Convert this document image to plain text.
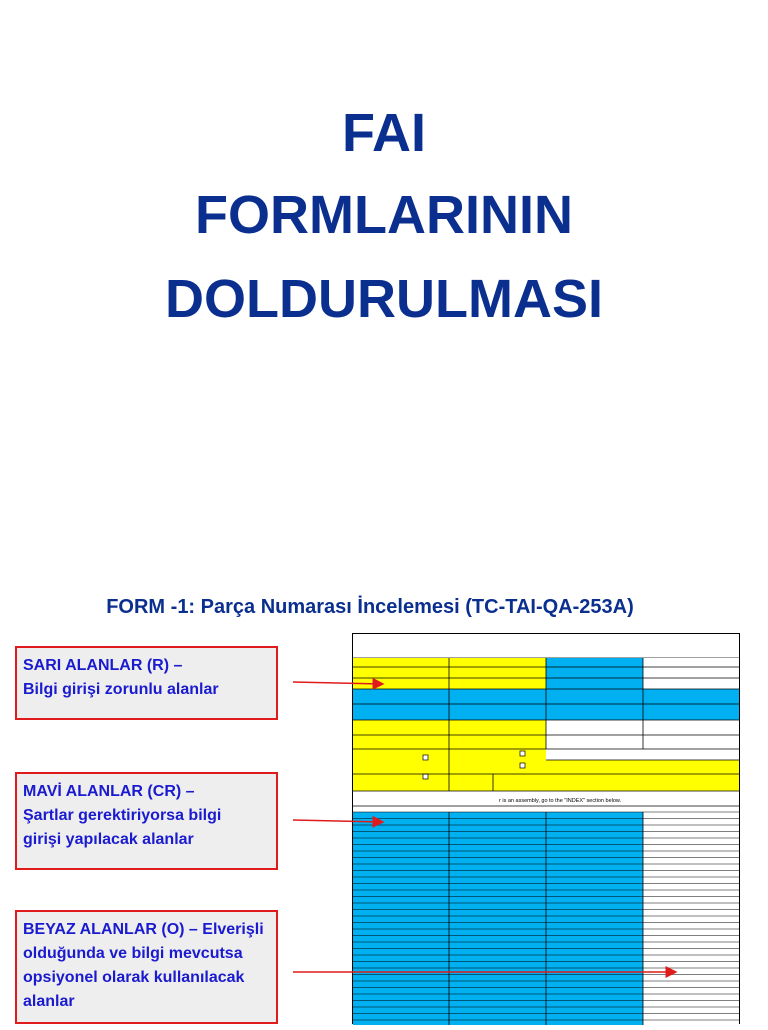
FAI
FORMLARININ
DOLDURULMASI
FORM -1: Parça Numarası İncelemesi (TC-TAI-QA-253A)
SARI ALANLAR (R) –
Bilgi girişi zorunlu alanlar
MAVİ ALANLAR (CR) –
Şartlar gerektiriyorsa bilgi
girişi yapılacak alanlar
BEYAZ ALANLAR (O) – Elverişli
olduğunda ve bilgi mevcutsa
opsiyonel olarak kullanılacak
alanlar
r is an assembly, go to the "INDEX" section below.
